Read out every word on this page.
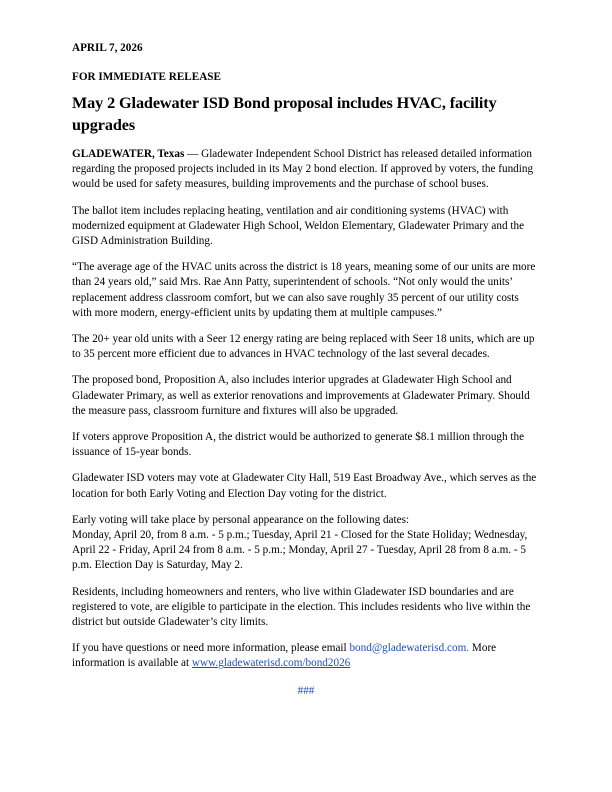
APRIL 7, 2026
FOR IMMEDIATE RELEASE
May 2 Gladewater ISD Bond proposal includes HVAC, facility upgrades

GLADEWATER, Texas — Gladewater Independent School District has released detailed information regarding the proposed projects included in its May 2 bond election. If approved by voters, the funding would be used for safety measures, building improvements and the purchase of school buses.

The ballot item includes replacing heating, ventilation and air conditioning systems (HVAC) with modernized equipment at Gladewater High School, Weldon Elementary, Gladewater Primary and the GISD Administration Building.

“The average age of the HVAC units across the district is 18 years, meaning some of our units are more than 24 years old,” said Mrs. Rae Ann Patty, superintendent of schools. “Not only would the units’ replacement address classroom comfort, but we can also save roughly 35 percent of our utility costs with more modern, energy-efficient units by updating them at multiple campuses.”

The 20+ year old units with a Seer 12 energy rating are being replaced with Seer 18 units, which are up to 35 percent more efficient due to advances in HVAC technology of the last several decades.

The proposed bond, Proposition A, also includes interior upgrades at Gladewater High School and Gladewater Primary, as well as exterior renovations and improvements at Gladewater Primary. Should the measure pass, classroom furniture and fixtures will also be upgraded.

If voters approve Proposition A, the district would be authorized to generate $8.1 million through the issuance of 15-year bonds.

Gladewater ISD voters may vote at Gladewater City Hall, 519 East Broadway Ave., which serves as the location for both Early Voting and Election Day voting for the district.

Early voting will take place by personal appearance on the following dates:
Monday, April 20, from 8 a.m. - 5 p.m.; Tuesday, April 21 - Closed for the State Holiday; Wednesday, April 22 - Friday, April 24 from 8 a.m. - 5 p.m.; Monday, April 27 - Tuesday, April 28 from 8 a.m. - 5 p.m. Election Day is Saturday, May 2.

Residents, including homeowners and renters, who live within Gladewater ISD boundaries and are registered to vote, are eligible to participate in the election. This includes residents who live within the district but outside Gladewater’s city limits.

If you have questions or need more information, please email bond@gladewaterisd.com. More information is available at www.gladewaterisd.com/bond2026

###
